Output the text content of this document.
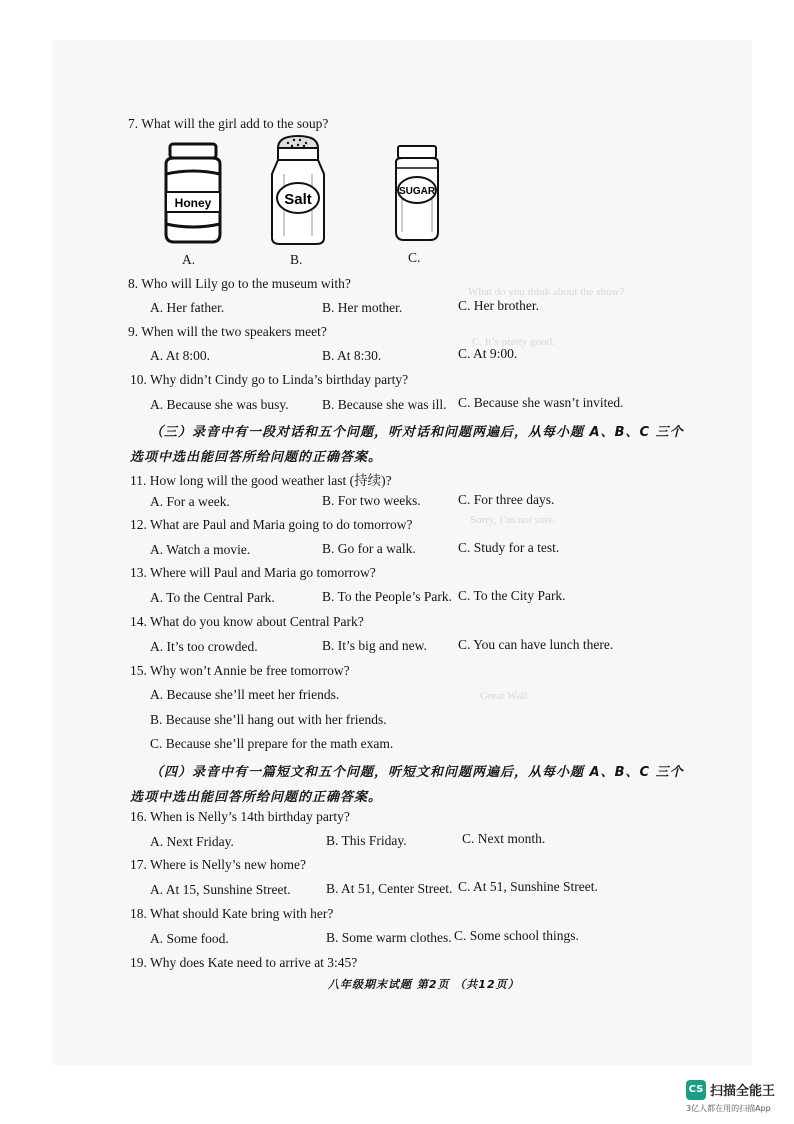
What do you think about the show?
C. It’s pretty good.
Sorry, I’m not sure.
Great Wall
7. What will the girl add to the soup?
Honey
A.
Salt
B.
SUGAR
C.
8. Who will Lily go to the museum with?
A. Her father.	B. Her mother.	C. Her brother.
9. When will the two speakers meet?
A. At 8:00.	B. At 8:30.	C. At 9:00.
10. Why didn’t Cindy go to Linda’s birthday party?
A. Because she was busy. B. Because she was ill. C. Because she wasn’t invited.
（三）录音中有一段对话和五个问题，听对话和问题两遍后，从每小题 A、B、C 三个
选项中选出能回答所给问题的正确答案。
11. How long will the good weather last (持续)?
A. For a week.	B. For two weeks.	C. For three days.
12. What are Paul and Maria going to do tomorrow?
A. Watch a movie.	B. Go for a walk.	C. Study for a test.
13. Where will Paul and Maria go tomorrow?
A. To the Central Park.	B. To the People’s Park. C. To the City Park.
14. What do you know about Central Park?
A. It’s too crowded.	B. It’s big and new. C. You can have lunch there.
15. Why won’t Annie be free tomorrow?
A. Because she’ll meet her friends.
B. Because she’ll hang out with her friends.
C. Because she’ll prepare for the math exam.
（四）录音中有一篇短文和五个问题，听短文和问题两遍后，从每小题 A、B、C 三个
选项中选出能回答所给问题的正确答案。
16. When is Nelly’s 14th birthday party?
A. Next Friday.	B. This Friday.	C. Next month.
17. Where is Nelly’s new home?
A. At 15, Sunshine Street.	B. At 51, Center Street. C. At 51, Sunshine Street.
18. What should Kate bring with her?
A. Some food.	B. Some warm clothes. C. Some school things.
19. Why does Kate need to arrive at 3:45?
八年级期末试题 第2页 （共12页）
CS 扫描全能王
3亿人都在用的扫描App
